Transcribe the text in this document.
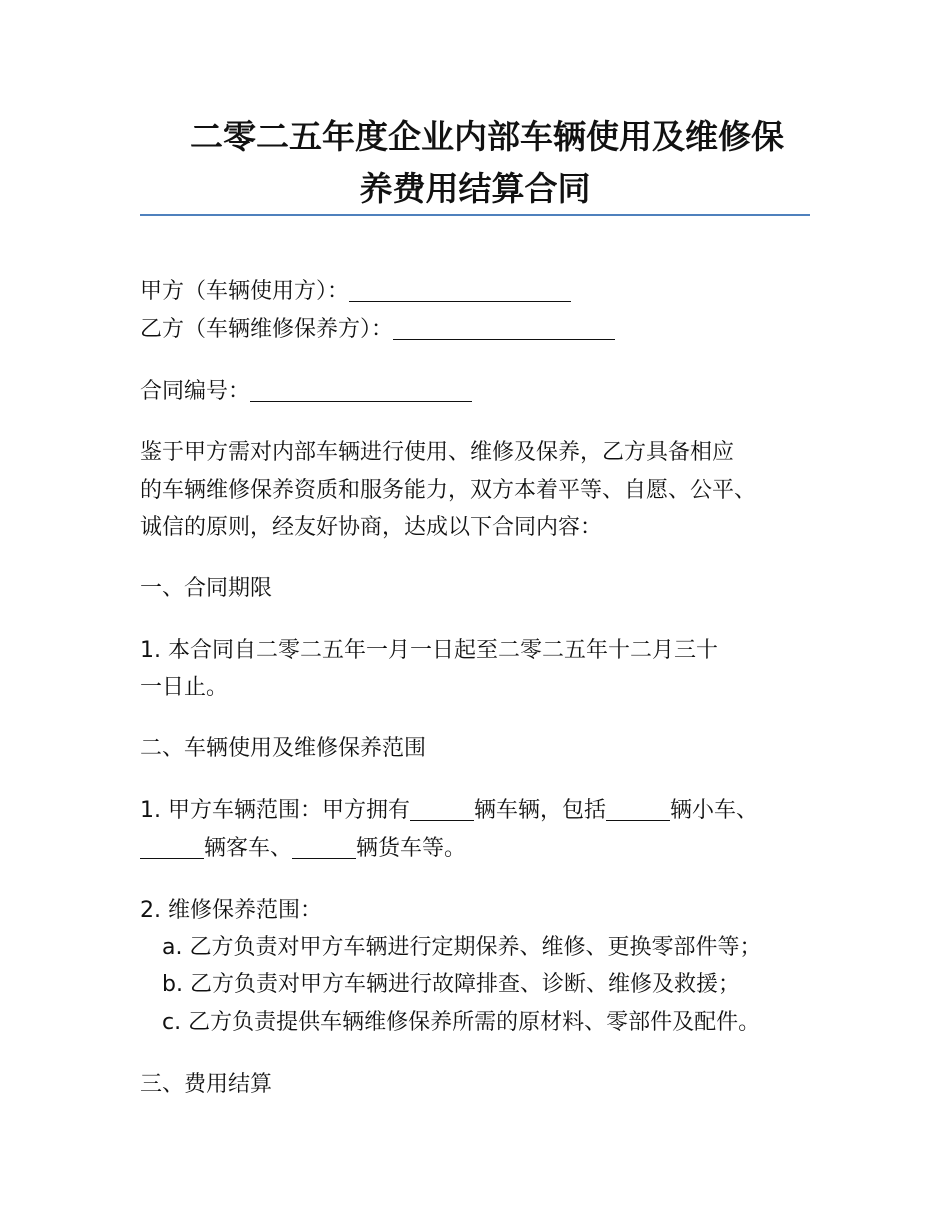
二零二五年度企业内部车辆使用及维修保
养费用结算合同
甲方（车辆使用方）：
乙方（车辆维修保养方）：
合同编号：
鉴于甲方需对内部车辆进行使用、维修及保养，乙方具备相应
的车辆维修保养资质和服务能力，双方本着平等、自愿、公平、
诚信的原则，经友好协商，达成以下合同内容：
一、合同期限
1. 本合同自二零二五年一月一日起至二零二五年十二月三十
一日止。
二、车辆使用及维修保养范围
1. 甲方车辆范围：甲方拥有	辆车辆，包括	辆小车、
辆客车、	辆货车等。
2. 维修保养范围：
a. 乙方负责对甲方车辆进行定期保养、维修、更换零部件等；
b. 乙方负责对甲方车辆进行故障排查、诊断、维修及救援；
c. 乙方负责提供车辆维修保养所需的原材料、零部件及配件。
三、费用结算
